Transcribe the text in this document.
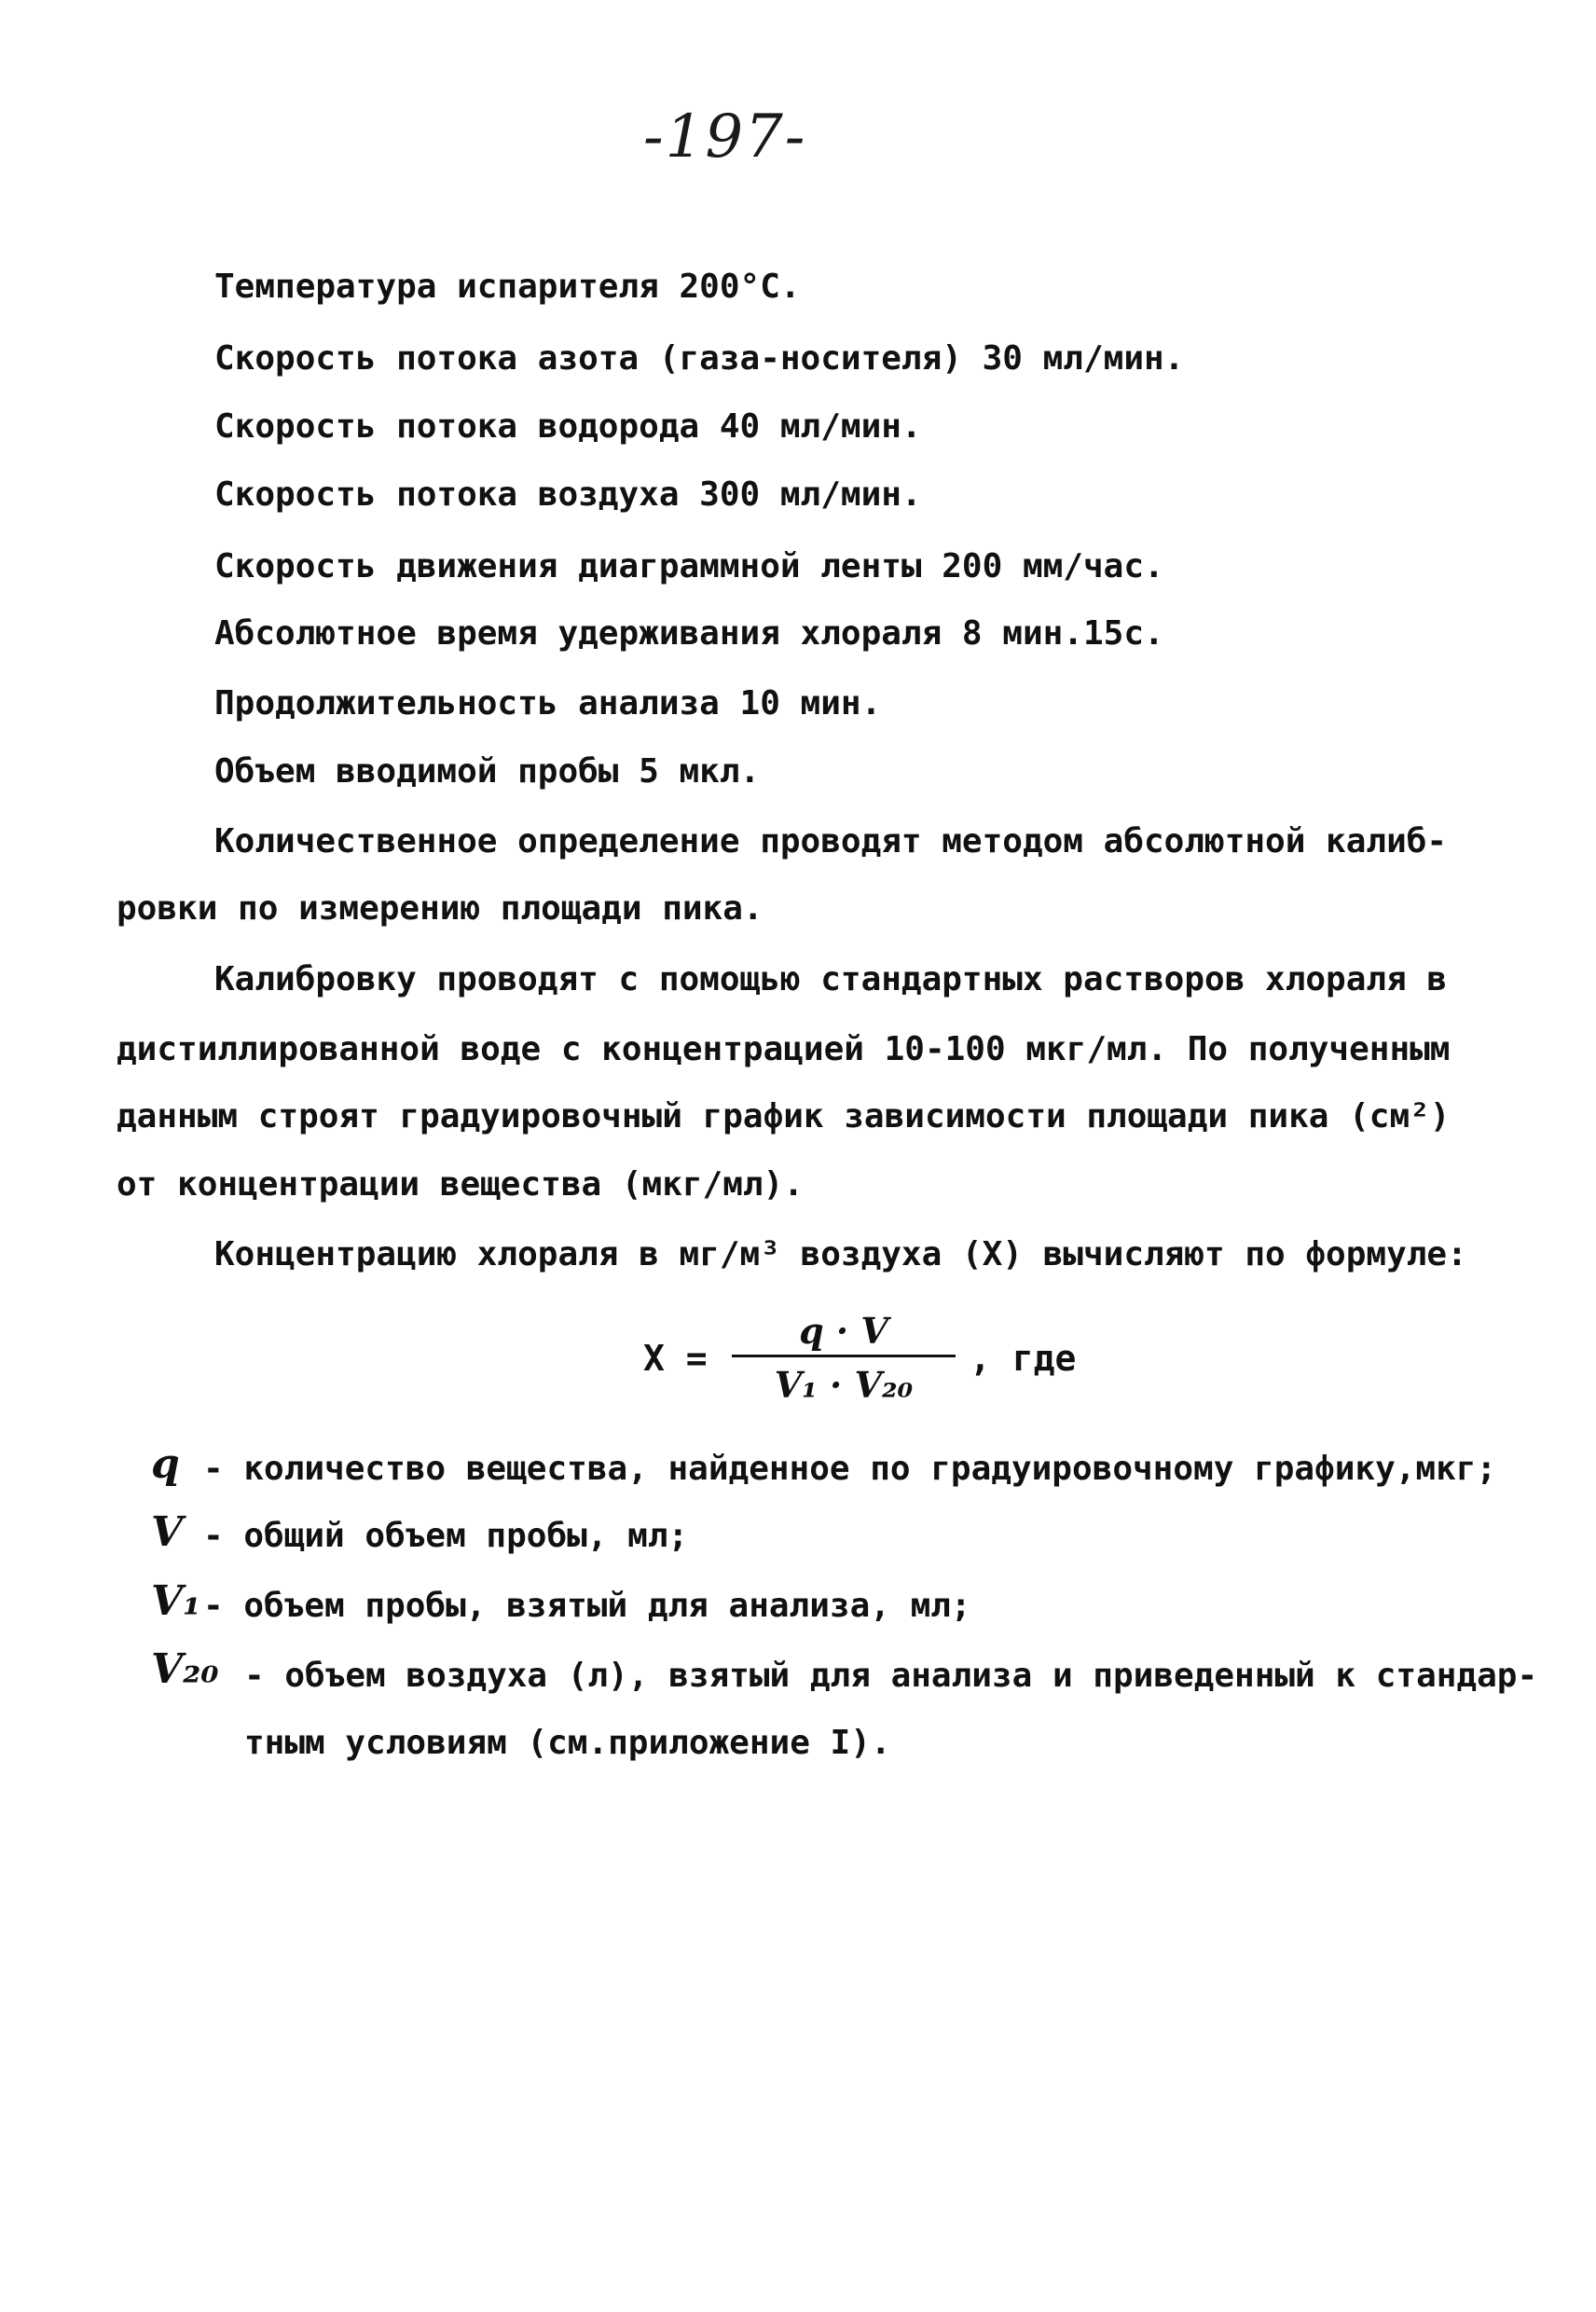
-197-
Температура испарителя 200°С.
Скорость потока азота (газа-носителя) 30 мл/мин.
Скорость потока водорода 40 мл/мин.
Скорость потока воздуха 300 мл/мин.
Скорость движения диаграммной ленты 200 мм/час.
Абсолютное время удерживания хлораля 8 мин.15с.
Продолжительность анализа 10 мин.
Объем вводимой пробы 5 мкл.
Количественное определение проводят методом абсолютной калиб-
ровки по измерению площади пика.
Калибровку проводят с помощью стандартных растворов хлораля в
дистиллированной воде с концентрацией 10-100 мкг/мл. По полученным
данным строят градуировочный график зависимости площади пика (см²)
от концентрации вещества (мкг/мл).
Концентрацию хлораля в мг/м³ воздуха (X) вычисляют по формуле:
X =
q · V
V₁ · V₂₀
, где
q - количество вещества, найденное по градуировочному графику,мкг;
V - общий объем пробы, мл;
V₁ - объем пробы, взятый для анализа, мл;
V₂₀ - объем воздуха (л), взятый для анализа и приведенный к стандар-
тным условиям (см.приложение I).
